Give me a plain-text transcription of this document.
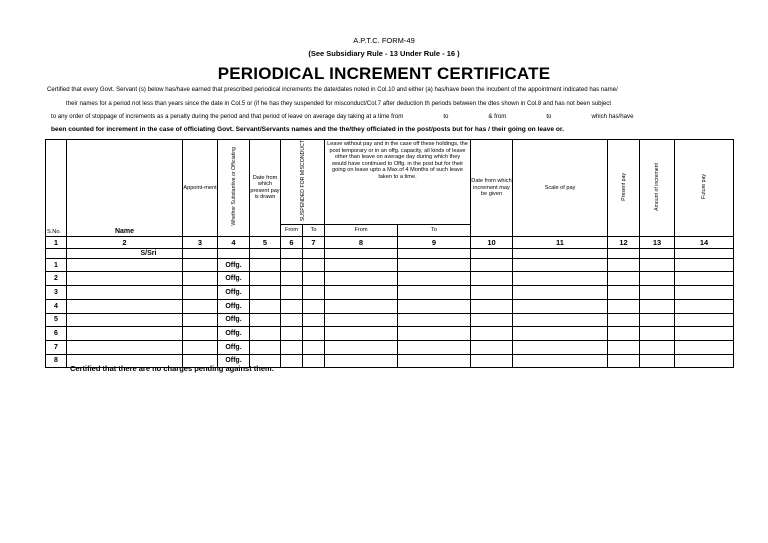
A.P.T.C. FORM-49
(See Subsidiary Rule - 13 Under Rule - 16 )
PERIODICAL INCREMENT CERTIFICATE
Certified that every Govt. Servant (s) below has/have earned that prescribed periodical increments the date/dates noted in Col.10 and either (a) has/have been the incubent of the appointment indicated has name/
their names for a period not less than years since the date in Col.5 or (if he has they suspended for misconduct/Col.7 after deduction th periods between the dtes shown in Col.8 and has not been subject
to any order of stoppage of increments as a penalty during the period and that period of leave on average day taking at a time from	to	& from	to	which has/have
been counted for increment in the case of officiating Govt. Servant/Servants names and the the/they officiated in the post/posts but for has / their going on leave or.
S.No.	Name	Appoint-ment	Whether Substantive or Officiating	Date from which present pay is drawn	SUSPENDED FOR MISCONDUCT		Leave without pay and in the case off these holdings, the post temporary or in an offg. capacity, all kinds of leave other than leave on average day during which they would have continued to Offg. in the post but for their going on leave upto a Max.of 4 Months of such leave taken to a time.		Date from which increment may be given	Scale of pay	Present pay	Amount of increment	Future pay
					From	To	From	To					
1	2	3	4	5	6	7	8	9	10	11	12	13	14
	S/Sri												
1			Offg.										
2			Offg.										
3			Offg.										
4			Offg.										
5			Offg.										
6			Offg.										
7			Offg.										
8			Offg.										
Certified that there are no charges pending against them.
